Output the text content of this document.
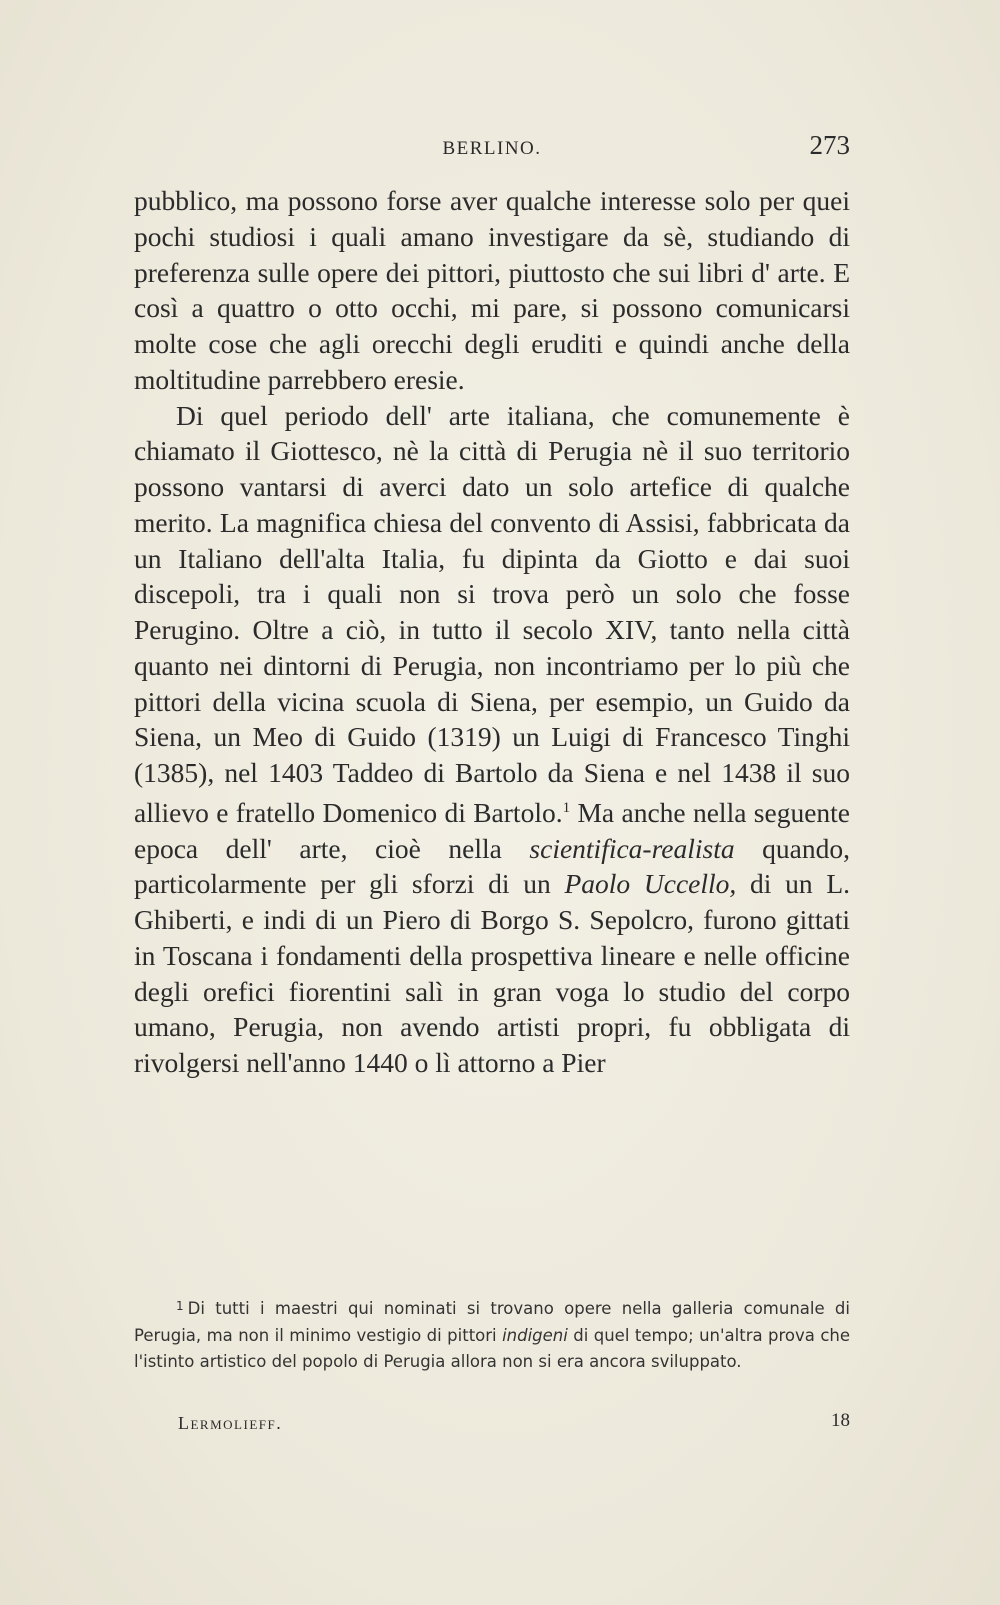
BERLINO.	273

pubblico, ma possono forse aver qualche interesse solo per quei pochi studiosi i quali amano investigare da sè, studiando di preferenza sulle opere dei pittori, piuttosto che sui libri d' arte. E così a quattro o otto occhi, mi pare, si possono comunicarsi molte cose che agli orecchi degli eruditi e quindi anche della moltitudine parrebbero eresie.

Di quel periodo dell' arte italiana, che comunemente è chiamato il Giottesco, nè la città di Perugia nè il suo territorio possono vantarsi di averci dato un solo artefice di qualche merito. La magnifica chiesa del convento di Assisi, fabbricata da un Italiano dell'alta Italia, fu dipinta da Giotto e dai suoi discepoli, tra i quali non si trova però un solo che fosse Perugino. Oltre a ciò, in tutto il secolo XIV, tanto nella città quanto nei dintorni di Perugia, non incontriamo per lo più che pittori della vicina scuola di Siena, per esempio, un Guido da Siena, un Meo di Guido (1319) un Luigi di Francesco Tinghi (1385), nel 1403 Taddeo di Bartolo da Siena e nel 1438 il suo allievo e fratello Domenico di Bartolo.$^1$ Ma anche nella seguente epoca dell' arte, cioè nella scientifica-realista quando, particolarmente per gli sforzi di un Paolo Uccello, di un L. Ghiberti, e indi di un Piero di Borgo S. Sepolcro, furono gittati in Toscana i fondamenti della prospettiva lineare e nelle officine degli orefici fiorentini salì in gran voga lo studio del corpo umano, Perugia, non avendo artisti propri, fu obbligata di rivolgersi nell'anno 1440 o lì attorno a Pier

$^1$ Di tutti i maestri qui nominati si trovano opere nella galleria comunale di Perugia, ma non il minimo vestigio di pittori indigeni di quel tempo; un'altra prova che l'istinto artistico del popolo di Perugia allora non si era ancora sviluppato.

Lermolieff.	18
